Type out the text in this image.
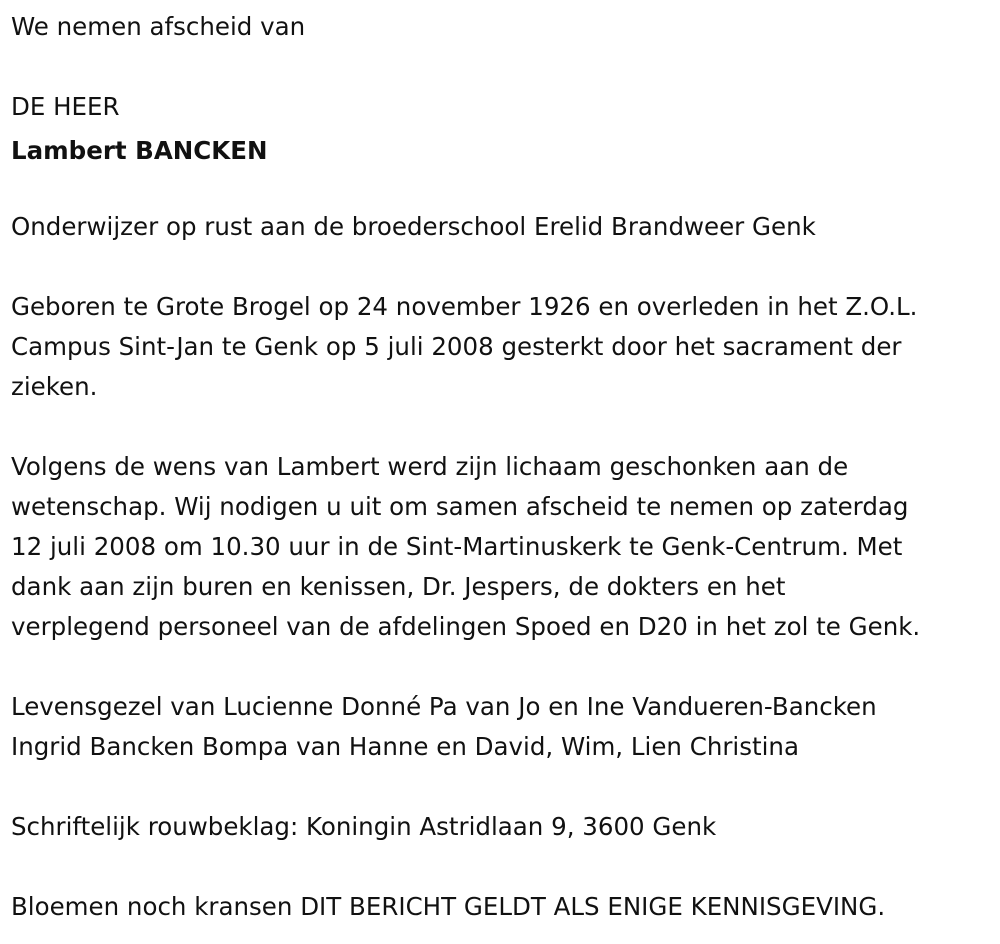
We nemen afscheid van

DE HEER

Lambert BANCKEN

Onderwijzer op rust aan de broederschool Erelid Brandweer Genk

Geboren te Grote Brogel op 24 november 1926 en overleden in het Z.O.L.

Campus Sint-Jan te Genk op 5 juli 2008 gesterkt door het sacrament der

zieken.

Volgens de wens van Lambert werd zijn lichaam geschonken aan de

wetenschap. Wij nodigen u uit om samen afscheid te nemen op zaterdag

12 juli 2008 om 10.30 uur in de Sint-Martinuskerk te Genk-Centrum. Met

dank aan zijn buren en kenissen, Dr. Jespers, de dokters en het

verplegend personeel van de afdelingen Spoed en D20 in het zol te Genk.

Levensgezel van Lucienne Donné Pa van Jo en Ine Vandueren-Bancken

Ingrid Bancken Bompa van Hanne en David, Wim, Lien Christina

Schriftelijk rouwbeklag: Koningin Astridlaan 9, 3600 Genk

Bloemen noch kransen DIT BERICHT GELDT ALS ENIGE KENNISGEVING.
